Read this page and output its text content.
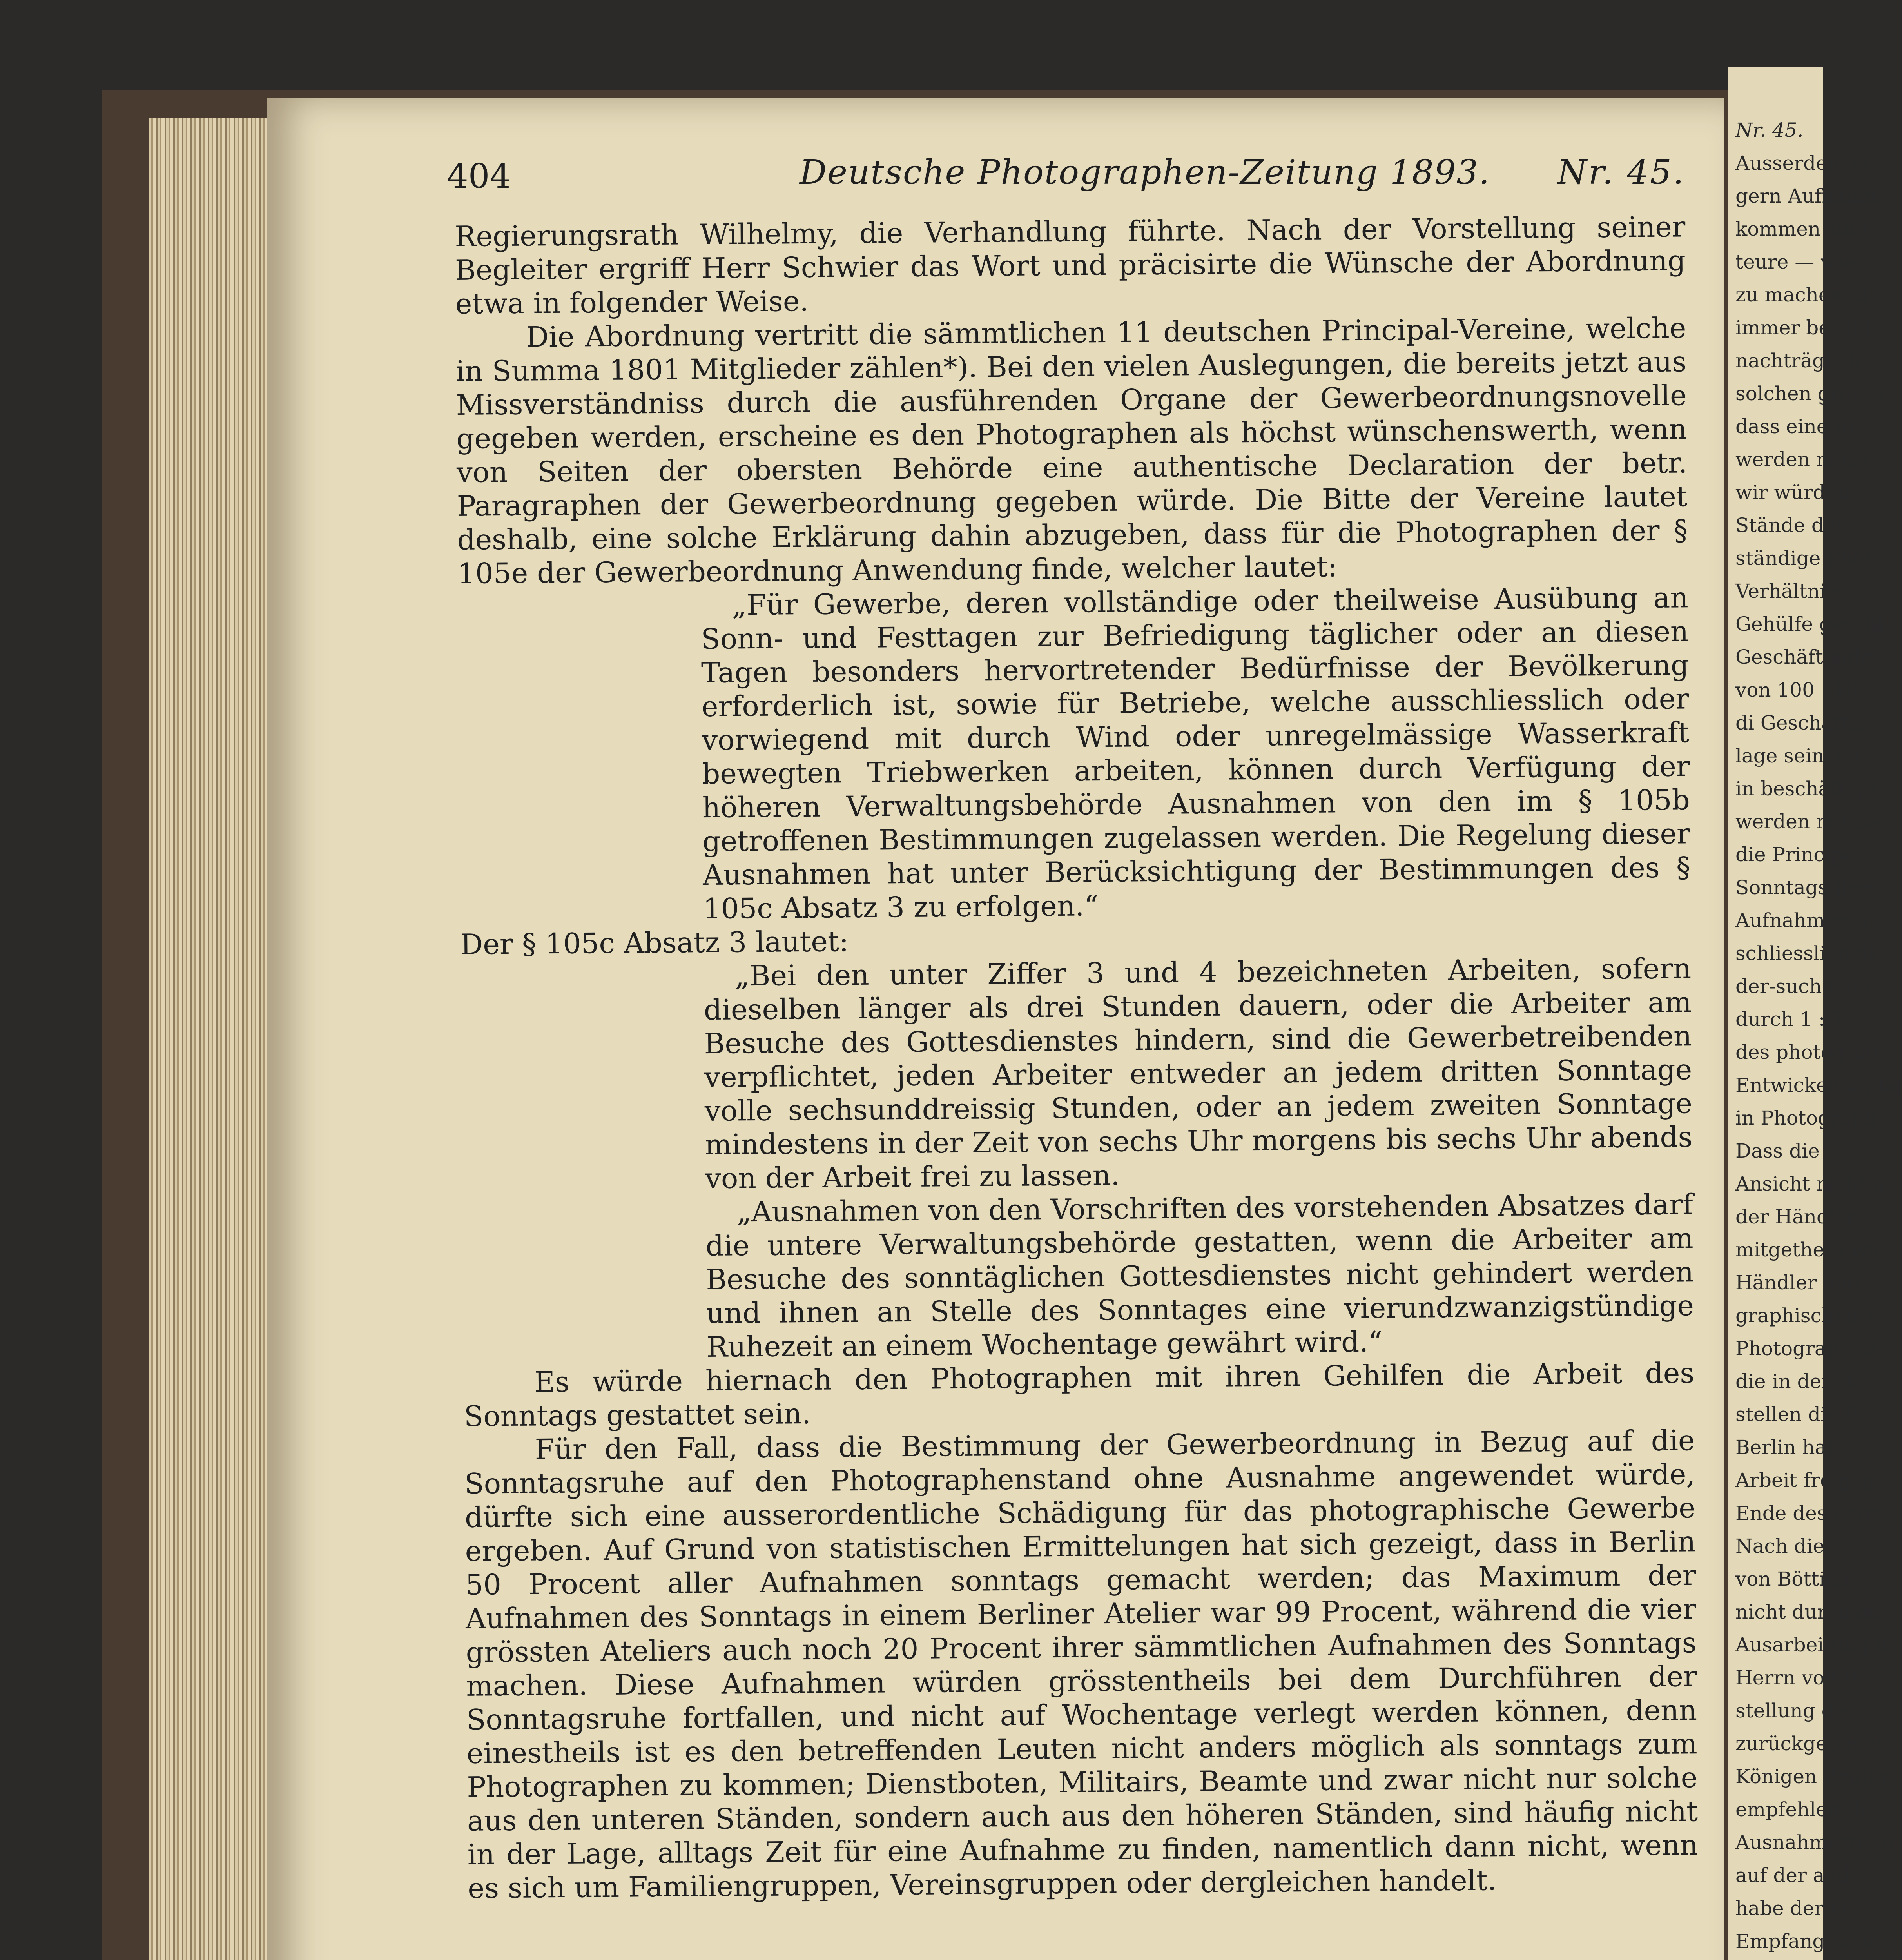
Nr. 45.
Ausserdem w
gern Aufnahm
kommen sind,
teure — wie
zu machen, d
immer bezahl
nachträglich
solchen grosse
dass eine Anz
werden muss
wir würden
Stände der
ständige Phot
Verhältniss, e
Gehülfe geschl
Geschäft aufg
von 100 : 10
di Geschäftsi
lage sein, wi
in beschäftige
werden müsse
die Principa
Sonntags ihre
Aufnahmen a
schliesslich di
der-suchende
durch 1 : 7
des photograp
Entwickelung be
in Photograph
Dass die
Ansicht nicht a
der Händler
mitgetheilt wu
Händler und
graphischen V
Photographen
die in der st
stellen die Ph
Berlin hat sic
Arbeit freigege
Ende des ganz
Nach dies
von Böttich
nicht durch de
Ausarbeitung d
Herrn von B
stellung des
zurückgeben u
Königen Regier
empfehlen. Je
Ausnahmestellu
auf der and
habe der H
Empfangen, w
404	Deutsche Photographen-Zeitung 1893. Nr. 45.

Regierungsrath Wilhelmy, die Verhandlung führte. Nach der Vorstellung seiner Begleiter ergriff Herr Schwier das Wort und präcisirte die Wünsche der Abordnung etwa in folgender Weise.

Die Abordnung vertritt die sämmtlichen 11 deutschen Principal-Vereine, welche in Summa 1801 Mitglieder zählen*). Bei den vielen Auslegungen, die bereits jetzt aus Missverständniss durch die ausführenden Organe der Gewerbeordnungsnovelle gegeben werden, erscheine es den Photographen als höchst wünschenswerth, wenn von Seiten der obersten Behörde eine authentische Declaration der betr. Paragraphen der Gewerbeordnung gegeben würde. Die Bitte der Vereine lautet deshalb, eine solche Erklärung dahin abzugeben, dass für die Photographen der § 105e der Gewerbeordnung Anwendung finde, welcher lautet:

„Für Gewerbe, deren vollständige oder theilweise Ausübung an Sonn- und Festtagen zur Befriedigung täglicher oder an diesen Tagen besonders hervortretender Bedürfnisse der Bevölkerung erforderlich ist, sowie für Betriebe, welche ausschliesslich oder vorwiegend mit durch Wind oder unregelmässige Wasserkraft bewegten Triebwerken arbeiten, können durch Verfügung der höheren Verwaltungsbehörde Ausnahmen von den im § 105b getroffenen Bestimmungen zugelassen werden. Die Regelung dieser Ausnahmen hat unter Berücksichtigung der Bestimmungen des § 105c Absatz 3 zu erfolgen.“

Der § 105c Absatz 3 lautet:

„Bei den unter Ziffer 3 und 4 bezeichneten Arbeiten, sofern dieselben länger als drei Stunden dauern, oder die Arbeiter am Besuche des Gottesdienstes hindern, sind die Gewerbetreibenden verpflichtet, jeden Arbeiter entweder an jedem dritten Sonntage volle sechsunddreissig Stunden, oder an jedem zweiten Sonntage mindestens in der Zeit von sechs Uhr morgens bis sechs Uhr abends von der Arbeit frei zu lassen.

„Ausnahmen von den Vorschriften des vorstehenden Absatzes darf die untere Verwaltungsbehörde gestatten, wenn die Arbeiter am Besuche des sonntäglichen Gottesdienstes nicht gehindert werden und ihnen an Stelle des Sonntages eine vierundzwanzigstündige Ruhezeit an einem Wochentage gewährt wird.“

Es würde hiernach den Photographen mit ihren Gehilfen die Arbeit des Sonntags gestattet sein.

Für den Fall, dass die Bestimmung der Gewerbeordnung in Bezug auf die Sonntagsruhe auf den Photographenstand ohne Ausnahme angewendet würde, dürfte sich eine ausserordentliche Schädigung für das photographische Gewerbe ergeben. Auf Grund von statistischen Ermittelungen hat sich gezeigt, dass in Berlin 50 Procent aller Aufnahmen sonntags gemacht werden; das Maximum der Aufnahmen des Sonntags in einem Berliner Atelier war 99 Procent, während die vier grössten Ateliers auch noch 20 Procent ihrer sämmtlichen Aufnahmen des Sonntags machen. Diese Aufnahmen würden grösstentheils bei dem Durchführen der Sonntagsruhe fortfallen, und nicht auf Wochentage verlegt werden können, denn einestheils ist es den betreffenden Leuten nicht anders möglich als sonntags zum Photographen zu kommen; Dienstboten, Militairs, Beamte und zwar nicht nur solche aus den unteren Ständen, sondern auch aus den höheren Ständen, sind häufig nicht in der Lage, alltags Zeit für eine Aufnahme zu finden, namentlich dann nicht, wenn es sich um Familiengruppen, Vereinsgruppen oder dergleichen handelt.
